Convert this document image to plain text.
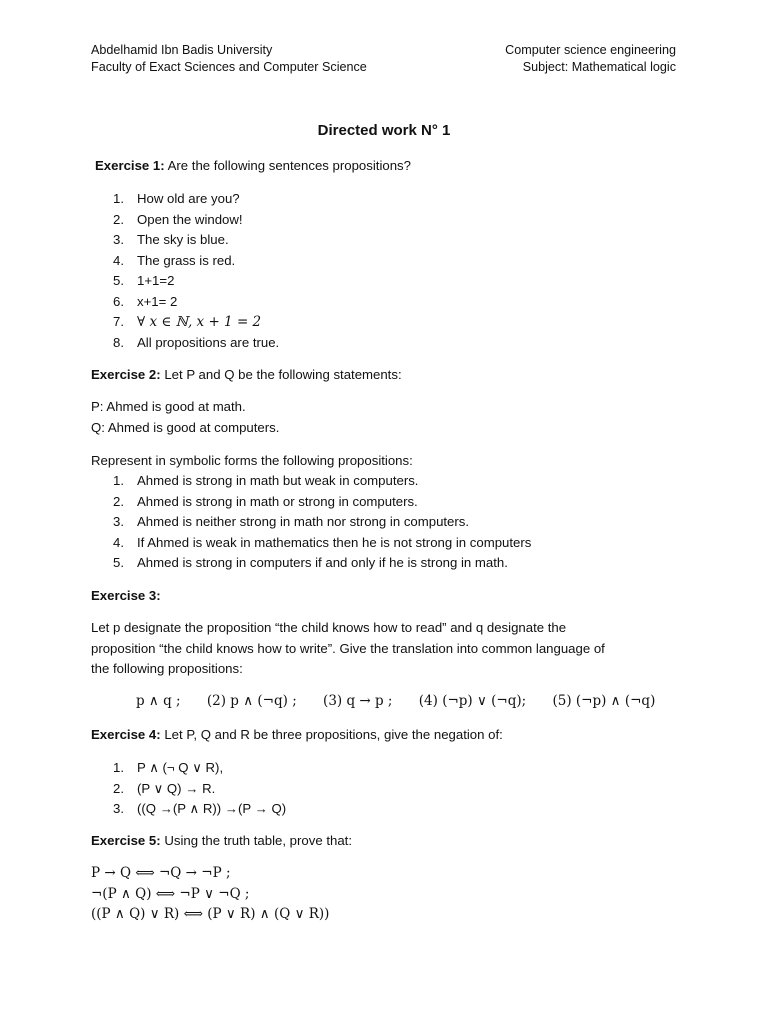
Abdelhamid Ibn Badis University
Faculty of Exact Sciences and Computer Science
Computer science engineering
Subject: Mathematical logic
Directed work N° 1
Exercise 1: Are the following sentences propositions?
1. How old are you?
2. Open the window!
3. The sky is blue.
4. The grass is red.
5. 1+1=2
6. x+1= 2
7. ∀ x ∈ ℕ, x + 1 = 2
8. All propositions are true.
Exercise 2: Let P and Q be the following statements:
P: Ahmed is good at math.
Q: Ahmed is good at computers.
Represent in symbolic forms the following propositions:
1. Ahmed is strong in math but weak in computers.
2. Ahmed is strong in math or strong in computers.
3. Ahmed is neither strong in math nor strong in computers.
4. If Ahmed is weak in mathematics then he is not strong in computers
5. Ahmed is strong in computers if and only if he is strong in math.
Exercise 3:
Let p designate the proposition “the child knows how to read” and q designate the
proposition “the child knows how to write”. Give the translation into common language of
the following propositions:
p ∧ q ; (2) p ∧ (¬q) ; (3) q → p ; (4) (¬p) ∨ (¬q); (5) (¬p) ∧ (¬q)
Exercise 4: Let P, Q and R be three propositions, give the negation of:
1. P ∧ (¬ Q ∨ R),
2. (P ∨ Q) → R.
3. ((Q →(P ∧ R)) →(P → Q)
Exercise 5: Using the truth table, prove that:
P → Q ⟺ ¬Q → ¬P ;
¬(P ∧ Q) ⟺ ¬P ∨ ¬Q ;
((P ∧ Q) ∨ R) ⟺ (P ∨ R) ∧ (Q ∨ R))
